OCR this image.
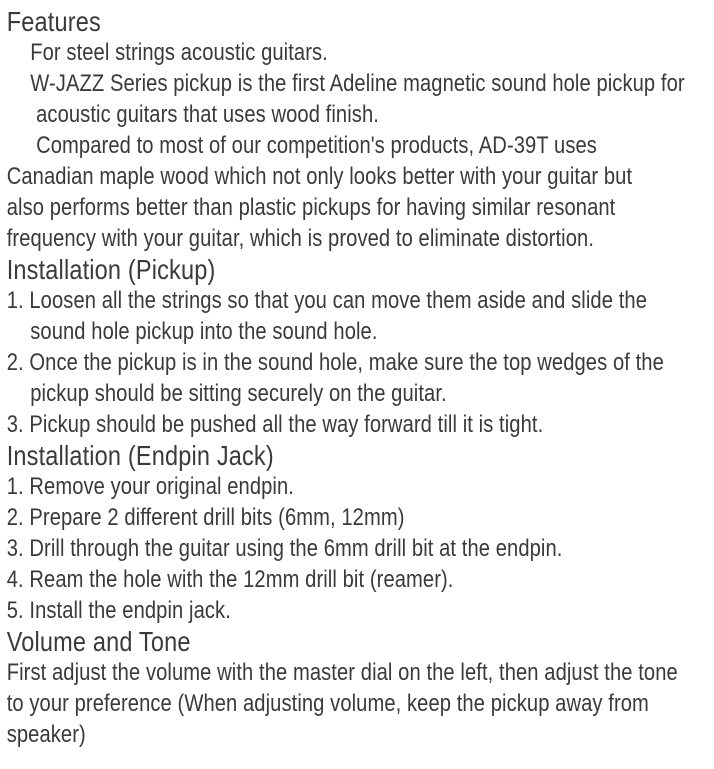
Features
For steel strings acoustic guitars.
W-JAZZ Series pickup is the first Adeline magnetic sound hole pickup for
acoustic guitars that uses wood finish.
Compared to most of our competition's products, AD-39T uses
Canadian maple wood which not only looks better with your guitar but
also performs better than plastic pickups for having similar resonant
frequency with your guitar, which is proved to eliminate distortion.
Installation (Pickup)
1. Loosen all the strings so that you can move them aside and slide the
sound hole pickup into the sound hole.
2. Once the pickup is in the sound hole, make sure the top wedges of the
pickup should be sitting securely on the guitar.
3. Pickup should be pushed all the way forward till it is tight.
Installation (Endpin Jack)
1. Remove your original endpin.
2. Prepare 2 different drill bits (6mm, 12mm)
3. Drill through the guitar using the 6mm drill bit at the endpin.
4. Ream the hole with the 12mm drill bit (reamer).
5. Install the endpin jack.
Volume and Tone
First adjust the volume with the master dial on the left, then adjust the tone
to your preference (When adjusting volume, keep the pickup away from
speaker)
